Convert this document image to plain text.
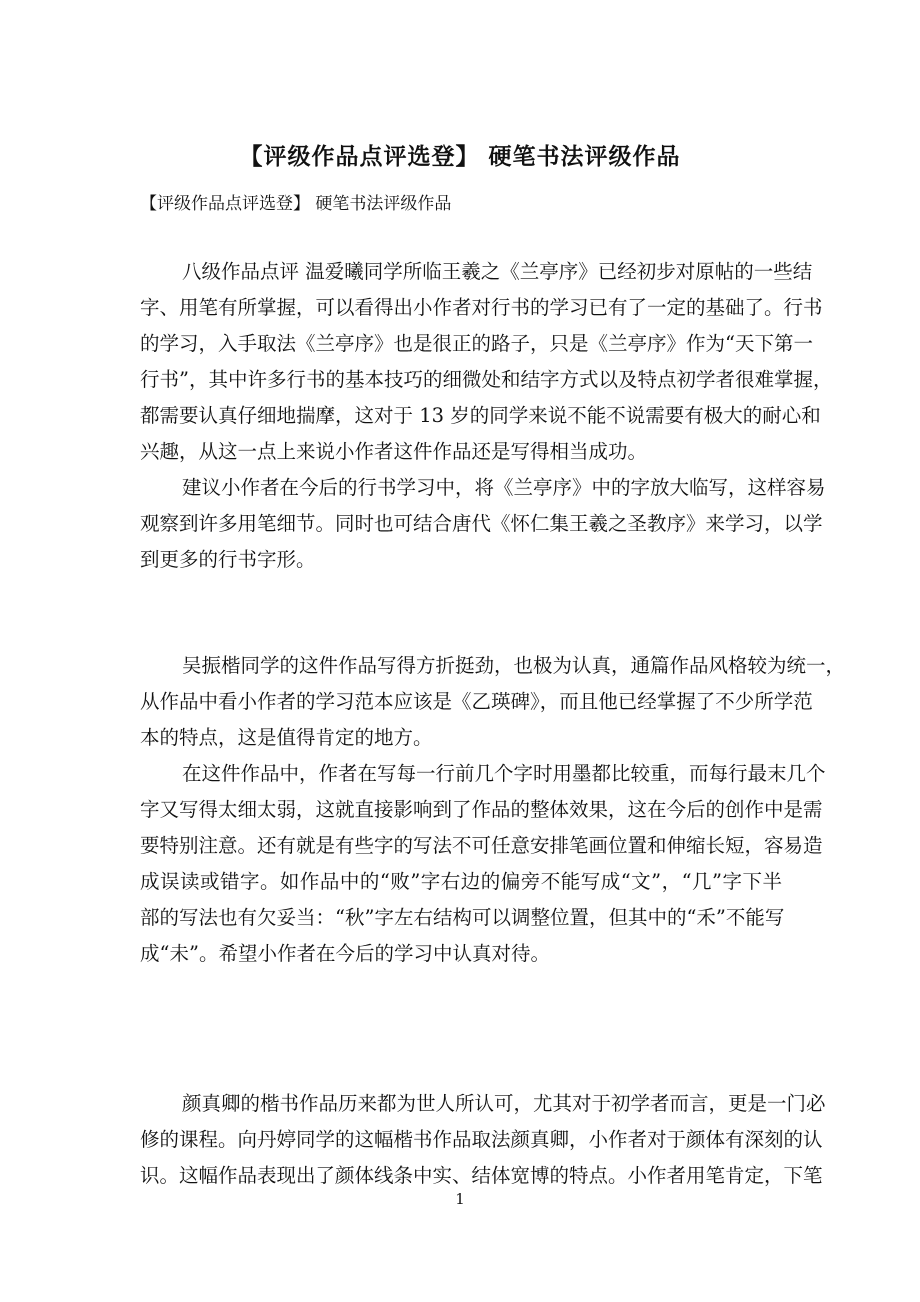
【评级作品点评选登】 硬笔书法评级作品
【评级作品点评选登】 硬笔书法评级作品
八级作品点评 温爱曦同学所临王羲之《兰亭序》已经初步对原帖的一些结
字、用笔有所掌握，可以看得出小作者对行书的学习已有了一定的基础了。行书
的学习，入手取法《兰亭序》也是很正的路子，只是《兰亭序》作为“天下第一
行书”，其中许多行书的基本技巧的细微处和结字方式以及特点初学者很难掌握，
都需要认真仔细地揣摩，这对于 13 岁的同学来说不能不说需要有极大的耐心和
兴趣，从这一点上来说小作者这件作品还是写得相当成功。
建议小作者在今后的行书学习中，将《兰亭序》中的字放大临写，这样容易
观察到许多用笔细节。同时也可结合唐代《怀仁集王羲之圣教序》来学习，以学
到更多的行书字形。
吴振楷同学的这件作品写得方折挺劲，也极为认真，通篇作品风格较为统一，
从作品中看小作者的学习范本应该是《乙瑛碑》，而且他已经掌握了不少所学范
本的特点，这是值得肯定的地方。
在这件作品中，作者在写每一行前几个字时用墨都比较重，而每行最末几个
字又写得太细太弱，这就直接影响到了作品的整体效果，这在今后的创作中是需
要特别注意。还有就是有些字的写法不可任意安排笔画位置和伸缩长短，容易造
成误读或错字。如作品中的“败”字右边的偏旁不能写成“文”，“几”字下半
部的写法也有欠妥当：“秋”字左右结构可以调整位置，但其中的“禾”不能写
成“未”。希望小作者在今后的学习中认真对待。
颜真卿的楷书作品历来都为世人所认可，尤其对于初学者而言，更是一门必
修的课程。向丹婷同学的这幅楷书作品取法颜真卿，小作者对于颜体有深刻的认
识。这幅作品表现出了颜体线条中实、结体宽博的特点。小作者用笔肯定，下笔
1
